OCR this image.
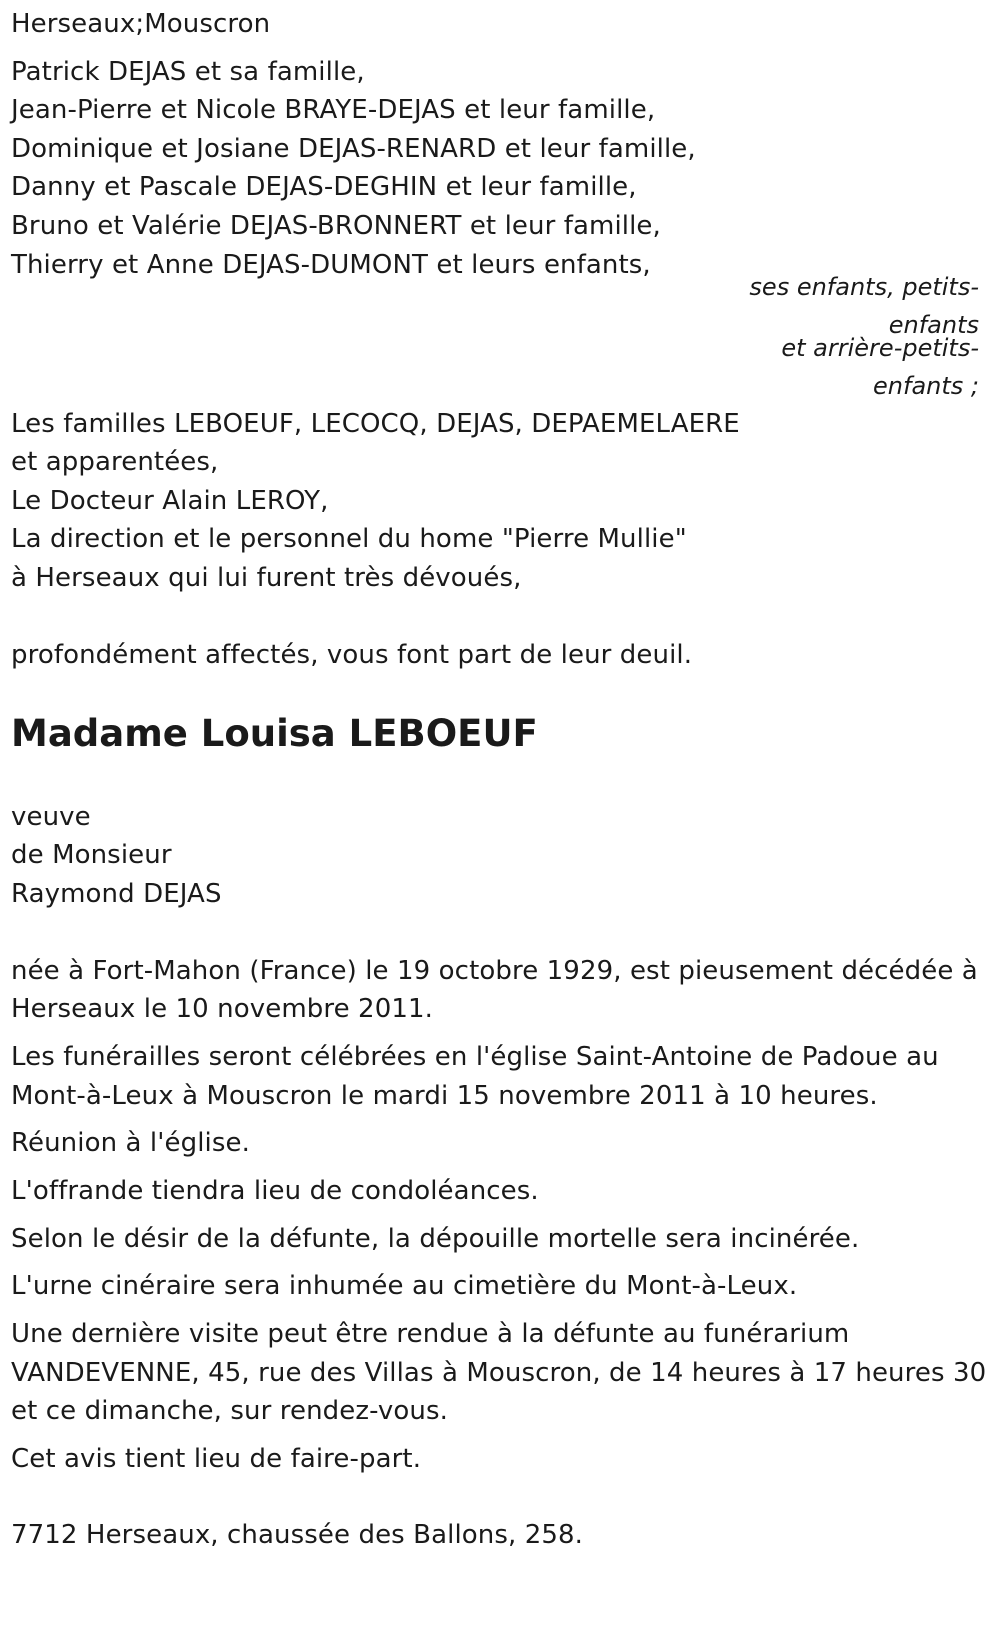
Herseaux;Mouscron
Patrick DEJAS et sa famille,
Jean-Pierre et Nicole BRAYE-DEJAS et leur famille,
Dominique et Josiane DEJAS-RENARD et leur famille,
Danny et Pascale DEJAS-DEGHIN et leur famille,
Bruno et Valérie DEJAS-BRONNERT et leur famille,
Thierry et Anne DEJAS-DUMONT et leurs enfants,
ses enfants, petits-
enfants
et arrière-petits-
enfants ;
Les familles LEBOEUF, LECOCQ, DEJAS, DEPAEMELAERE
et apparentées,
Le Docteur Alain LEROY,
La direction et le personnel du home "Pierre Mullie"
à Herseaux qui lui furent très dévoués,
profondément affectés, vous font part de leur deuil.
Madame Louisa LEBOEUF
veuve
de Monsieur
Raymond DEJAS
née à Fort-Mahon (France) le 19 octobre 1929, est pieusement décédée à
Herseaux le 10 novembre 2011.
Les funérailles seront célébrées en l'église Saint-Antoine de Padoue au
Mont-à-Leux à Mouscron le mardi 15 novembre 2011 à 10 heures.
Réunion à l'église.
L'offrande tiendra lieu de condoléances.
Selon le désir de la défunte, la dépouille mortelle sera incinérée.
L'urne cinéraire sera inhumée au cimetière du Mont-à-Leux.
Une dernière visite peut être rendue à la défunte au funérarium
VANDEVENNE, 45, rue des Villas à Mouscron, de 14 heures à 17 heures 30
et ce dimanche, sur rendez-vous.
Cet avis tient lieu de faire-part.
7712 Herseaux, chaussée des Ballons, 258.
